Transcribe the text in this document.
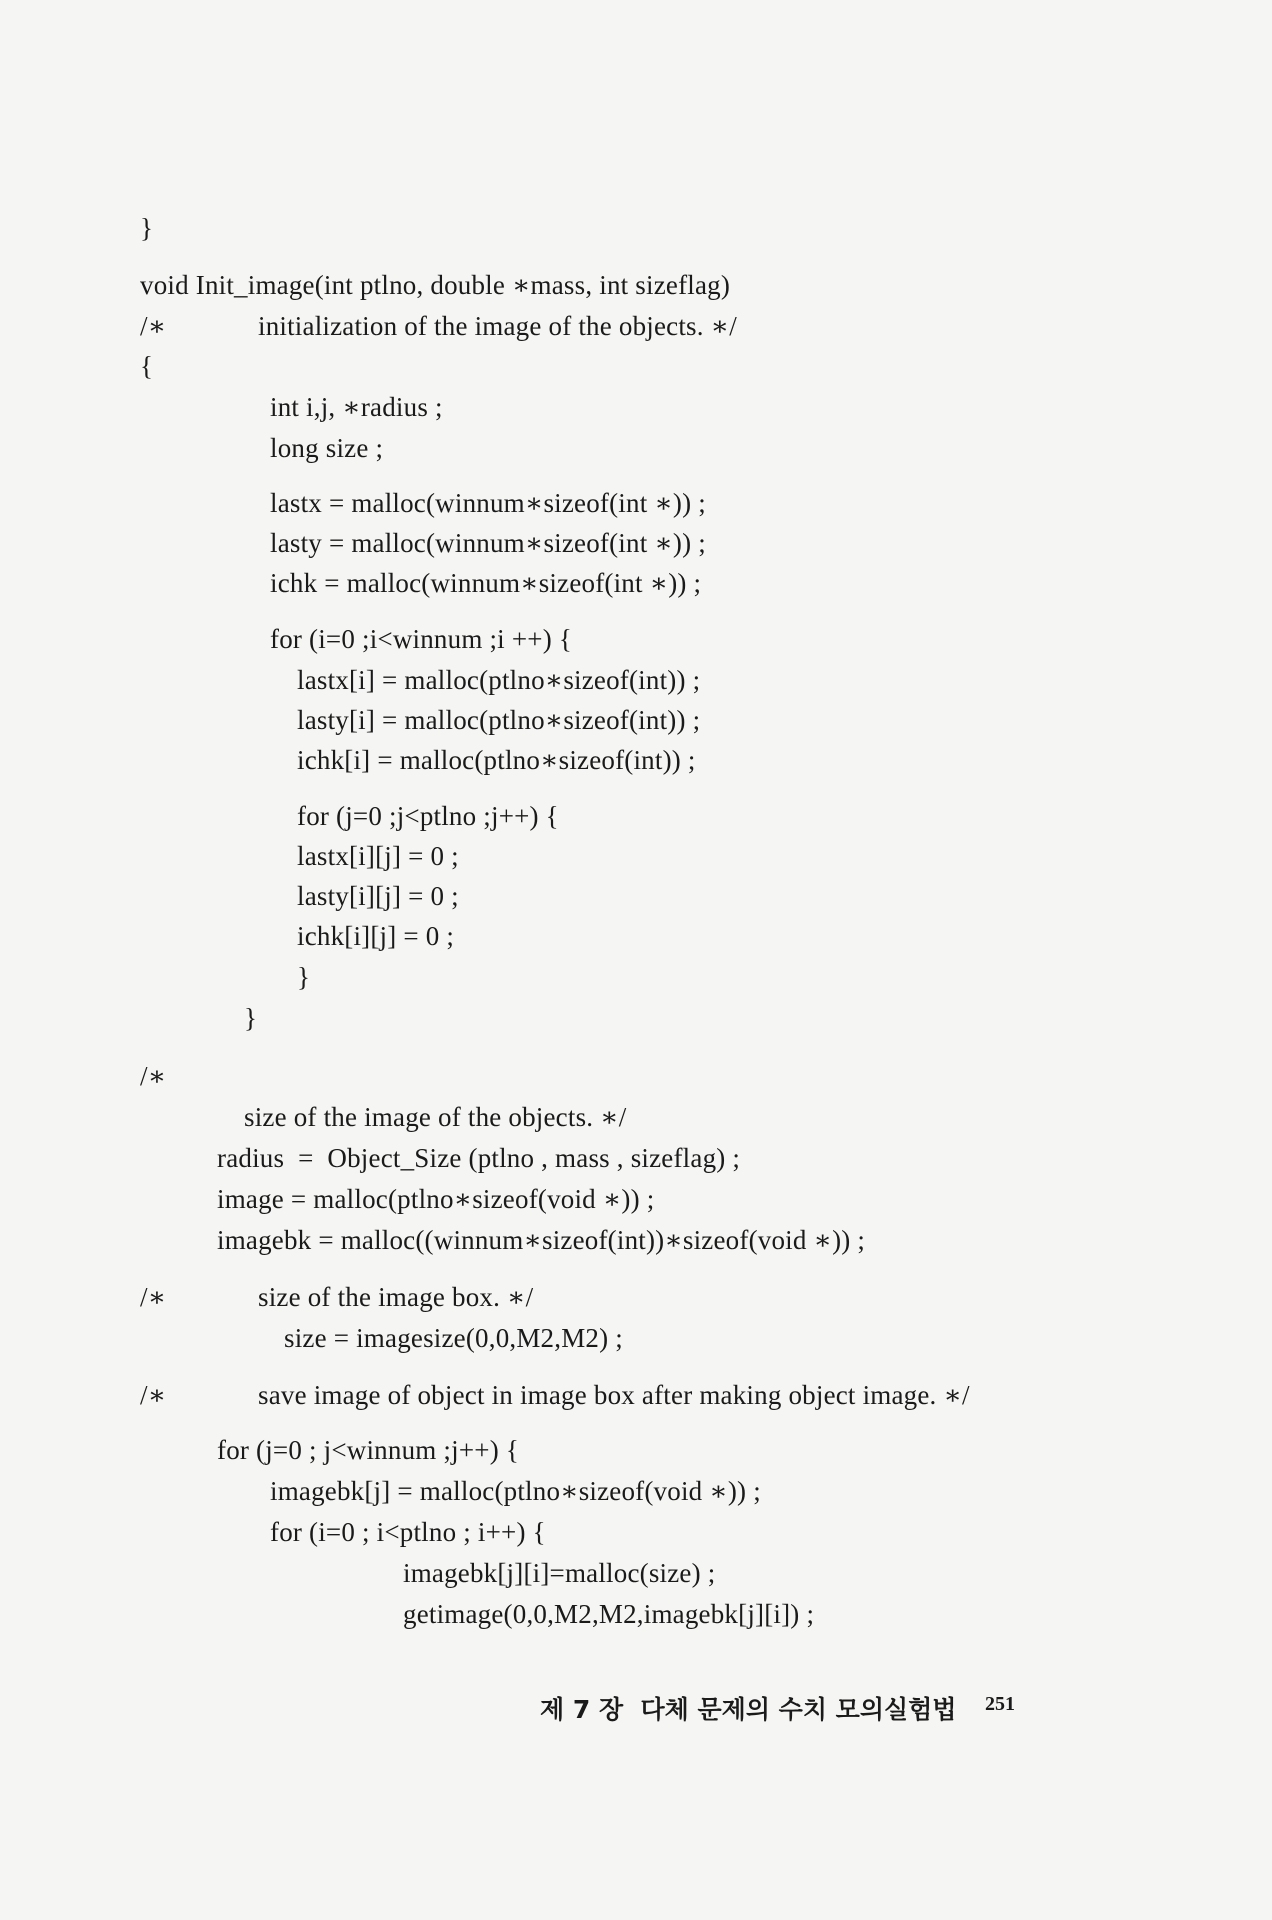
}
void Init_image(int ptlno, double ∗mass, int sizeflag)
/∗	initialization of the image of the objects. ∗/
{
int i,j, ∗radius ;
long size ;
lastx = malloc(winnum∗sizeof(int ∗)) ;
lasty = malloc(winnum∗sizeof(int ∗)) ;
ichk = malloc(winnum∗sizeof(int ∗)) ;
for (i=0 ;i<winnum ;i ++) {
lastx[i] = malloc(ptlno∗sizeof(int)) ;
lasty[i] = malloc(ptlno∗sizeof(int)) ;
ichk[i] = malloc(ptlno∗sizeof(int)) ;
for (j=0 ;j<ptlno ;j++) {
lastx[i][j] = 0 ;
lasty[i][j] = 0 ;
ichk[i][j] = 0 ;
}
}
/∗
size of the image of the objects. ∗/
radius  =  Object_Size (ptlno , mass , sizeflag) ;
image = malloc(ptlno∗sizeof(void ∗)) ;
imagebk = malloc((winnum∗sizeof(int))∗sizeof(void ∗)) ;
/∗	size of the image box. ∗/
size = imagesize(0,0,M2,M2) ;
/∗	save image of object in image box after making object image. ∗/
for (j=0 ; j<winnum ;j++) {
imagebk[j] = malloc(ptlno∗sizeof(void ∗)) ;
for (i=0 ; i<ptlno ; i++) {
imagebk[j][i]=malloc(size) ;
getimage(0,0,M2,M2,imagebk[j][i]) ;
제 7 장  다체 문제의 수치 모의실험법 251
